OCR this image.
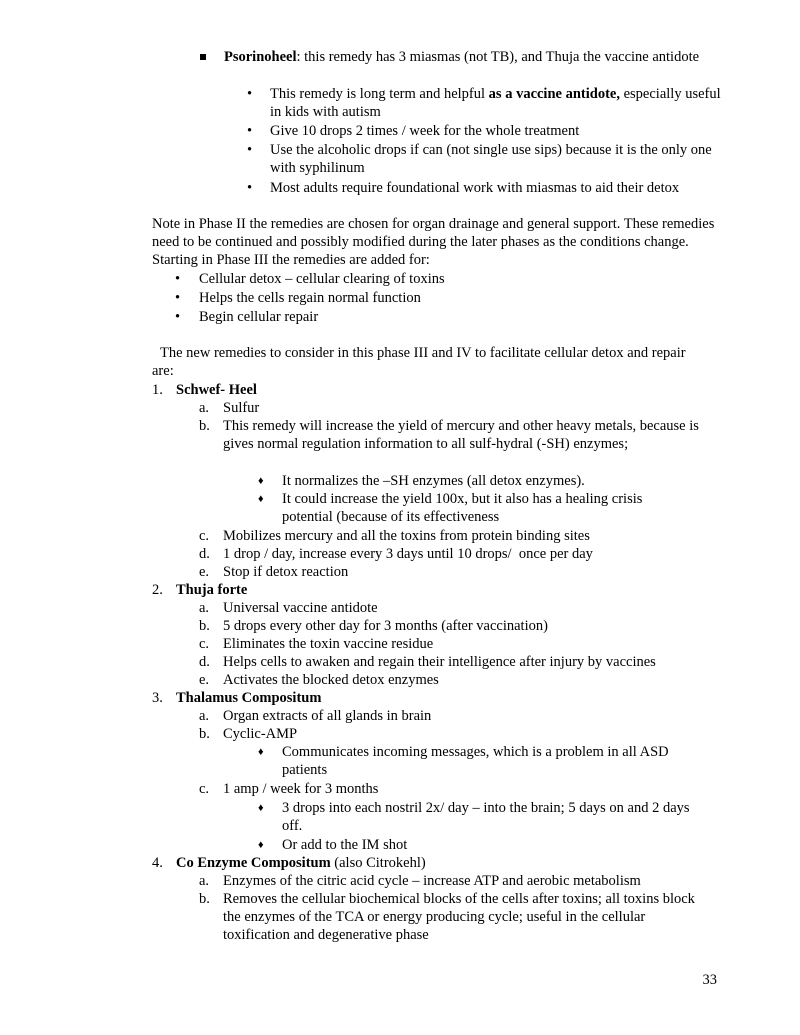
Psorinoheel: this remedy has 3 miasmas (not TB), and Thuja the vaccine antidote
•	This remedy is long term and helpful as a vaccine antidote, especially useful in kids with autism
•	Give 10 drops 2 times / week for the whole treatment
•	Use the alcoholic drops if can (not single use sips) because it is the only one with syphilinum
•	Most adults require foundational work with miasmas to aid their detox
Note in Phase II the remedies are chosen for organ drainage and general support. These remedies need to be continued and possibly modified during the later phases as the conditions change. Starting in Phase III the remedies are added for:
•	Cellular detox – cellular clearing of toxins
•	Helps the cells regain normal function
•	Begin cellular repair
The new remedies to consider in this phase III and IV to facilitate cellular detox and repair are:
1. Schwef- Heel
a. Sulfur
b. This remedy will increase the yield of mercury and other heavy metals, because is gives normal regulation information to all sulf-hydral (-SH) enzymes;
♦	It normalizes the –SH enzymes (all detox enzymes).
♦	It could increase the yield 100x, but it also has a healing crisis potential (because of its effectiveness
c. Mobilizes mercury and all the toxins from protein binding sites
d. 1 drop / day, increase every 3 days until 10 drops/  once per day
e. Stop if detox reaction
2. Thuja forte
a. Universal vaccine antidote
b. 5 drops every other day for 3 months (after vaccination)
c. Eliminates the toxin vaccine residue
d. Helps cells to awaken and regain their intelligence after injury by vaccines
e. Activates the blocked detox enzymes
3. Thalamus Compositum
a. Organ extracts of all glands in brain
b. Cyclic-AMP
♦	Communicates incoming messages, which is a problem in all ASD patients
c. 1 amp / week for 3 months
♦	3 drops into each nostril 2x/ day – into the brain; 5 days on and 2 days off.
♦	Or add to the IM shot
4. Co Enzyme Compositum (also Citrokehl)
a. Enzymes of the citric acid cycle – increase ATP and aerobic metabolism
b. Removes the cellular biochemical blocks of the cells after toxins; all toxins block the enzymes of the TCA or energy producing cycle; useful in the cellular toxification and degenerative phase
33
